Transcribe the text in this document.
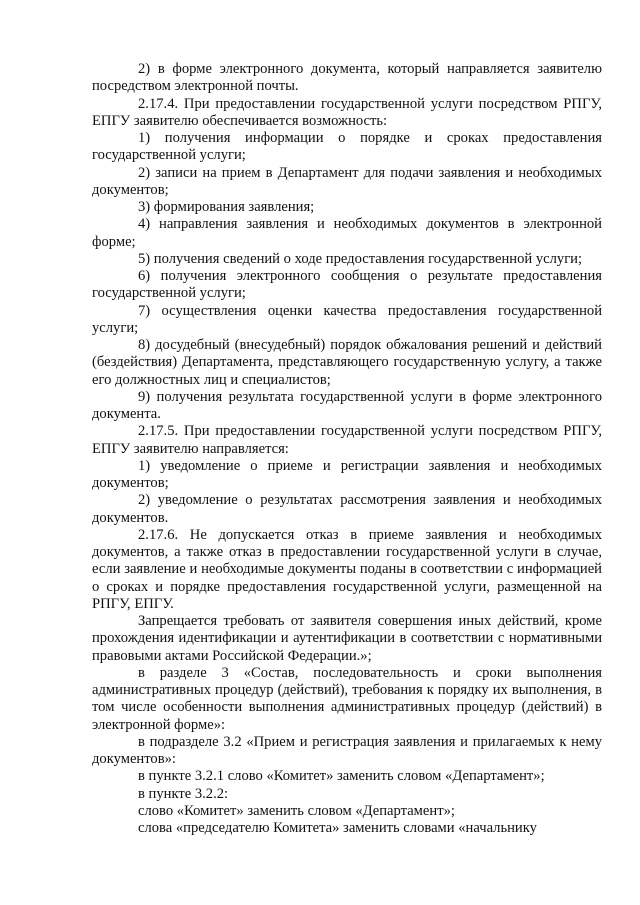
2) в форме электронного документа, который направляется заявителю посредством электронной почты.

2.17.4. При предоставлении государственной услуги посредством РПГУ, ЕПГУ заявителю обеспечивается возможность:

1) получения информации о порядке и сроках предоставления государственной услуги;

2) записи на прием в Департамент для подачи заявления и необходимых документов;

3) формирования заявления;

4) направления заявления и необходимых документов в электронной форме;

5) получения сведений о ходе предоставления государственной услуги;

6) получения электронного сообщения о результате предоставления государственной услуги;

7) осуществления оценки качества предоставления государственной услуги;

8) досудебный (внесудебный) порядок обжалования решений и действий (бездействия) Департамента, представляющего государственную услугу, а также его должностных лиц и специалистов;

9) получения результата государственной услуги в форме электронного документа.

2.17.5. При предоставлении государственной услуги посредством РПГУ, ЕПГУ заявителю направляется:

1) уведомление о приеме и регистрации заявления и необходимых документов;

2) уведомление о результатах рассмотрения заявления и необходимых документов.

2.17.6. Не допускается отказ в приеме заявления и необходимых документов, а также отказ в предоставлении государственной услуги в случае, если заявление и необходимые документы поданы в соответствии с информацией о сроках и порядке предоставления государственной услуги, размещенной на РПГУ, ЕПГУ.

Запрещается требовать от заявителя совершения иных действий, кроме прохождения идентификации и аутентификации в соответствии с нормативными правовыми актами Российской Федерации.»;

в разделе 3 «Состав, последовательность и сроки выполнения административных процедур (действий), требования к порядку их выполнения, в том числе особенности выполнения административных процедур (действий) в электронной форме»:

в подразделе 3.2 «Прием и регистрация заявления и прилагаемых к нему документов»:

в пункте 3.2.1 слово «Комитет» заменить словом «Департамент»;

в пункте 3.2.2:

слово «Комитет» заменить словом «Департамент»;

слова «председателю Комитета» заменить словами «начальнику
